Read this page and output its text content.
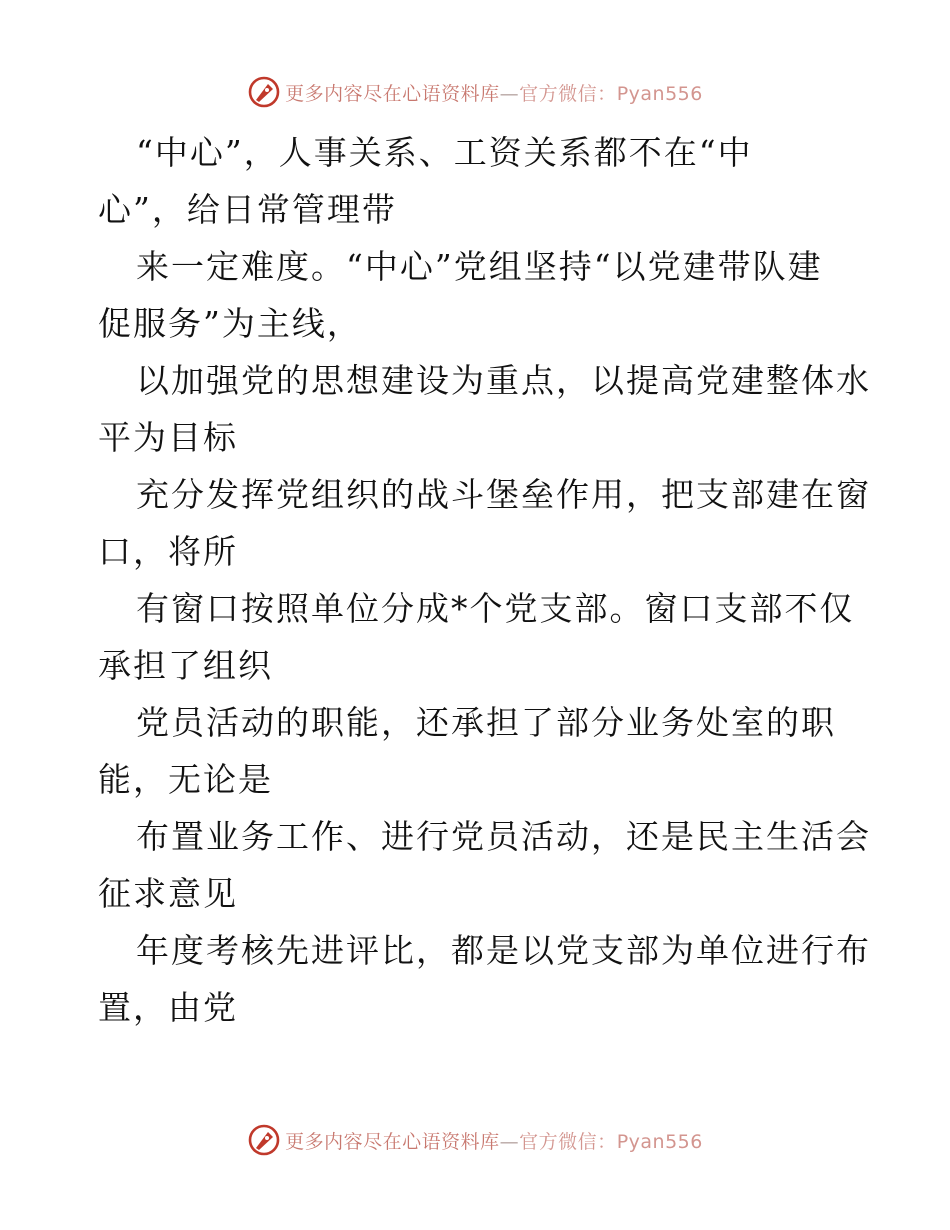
更多内容尽在心语资料库—官方微信：Pyan556
“中心”，人事关系、工资关系都不在“中
心”，给日常管理带
来一定难度。“中心”党组坚持“以党建带队建
促服务”为主线，
以加强党的思想建设为重点，以提高党建整体水
平为目标
充分发挥党组织的战斗堡垒作用，把支部建在窗
口，将所
有窗口按照单位分成*个党支部。窗口支部不仅
承担了组织
党员活动的职能，还承担了部分业务处室的职
能，无论是
布置业务工作、进行党员活动，还是民主生活会
征求意见
年度考核先进评比，都是以党支部为单位进行布
置，由党
更多内容尽在心语资料库—官方微信：Pyan556
